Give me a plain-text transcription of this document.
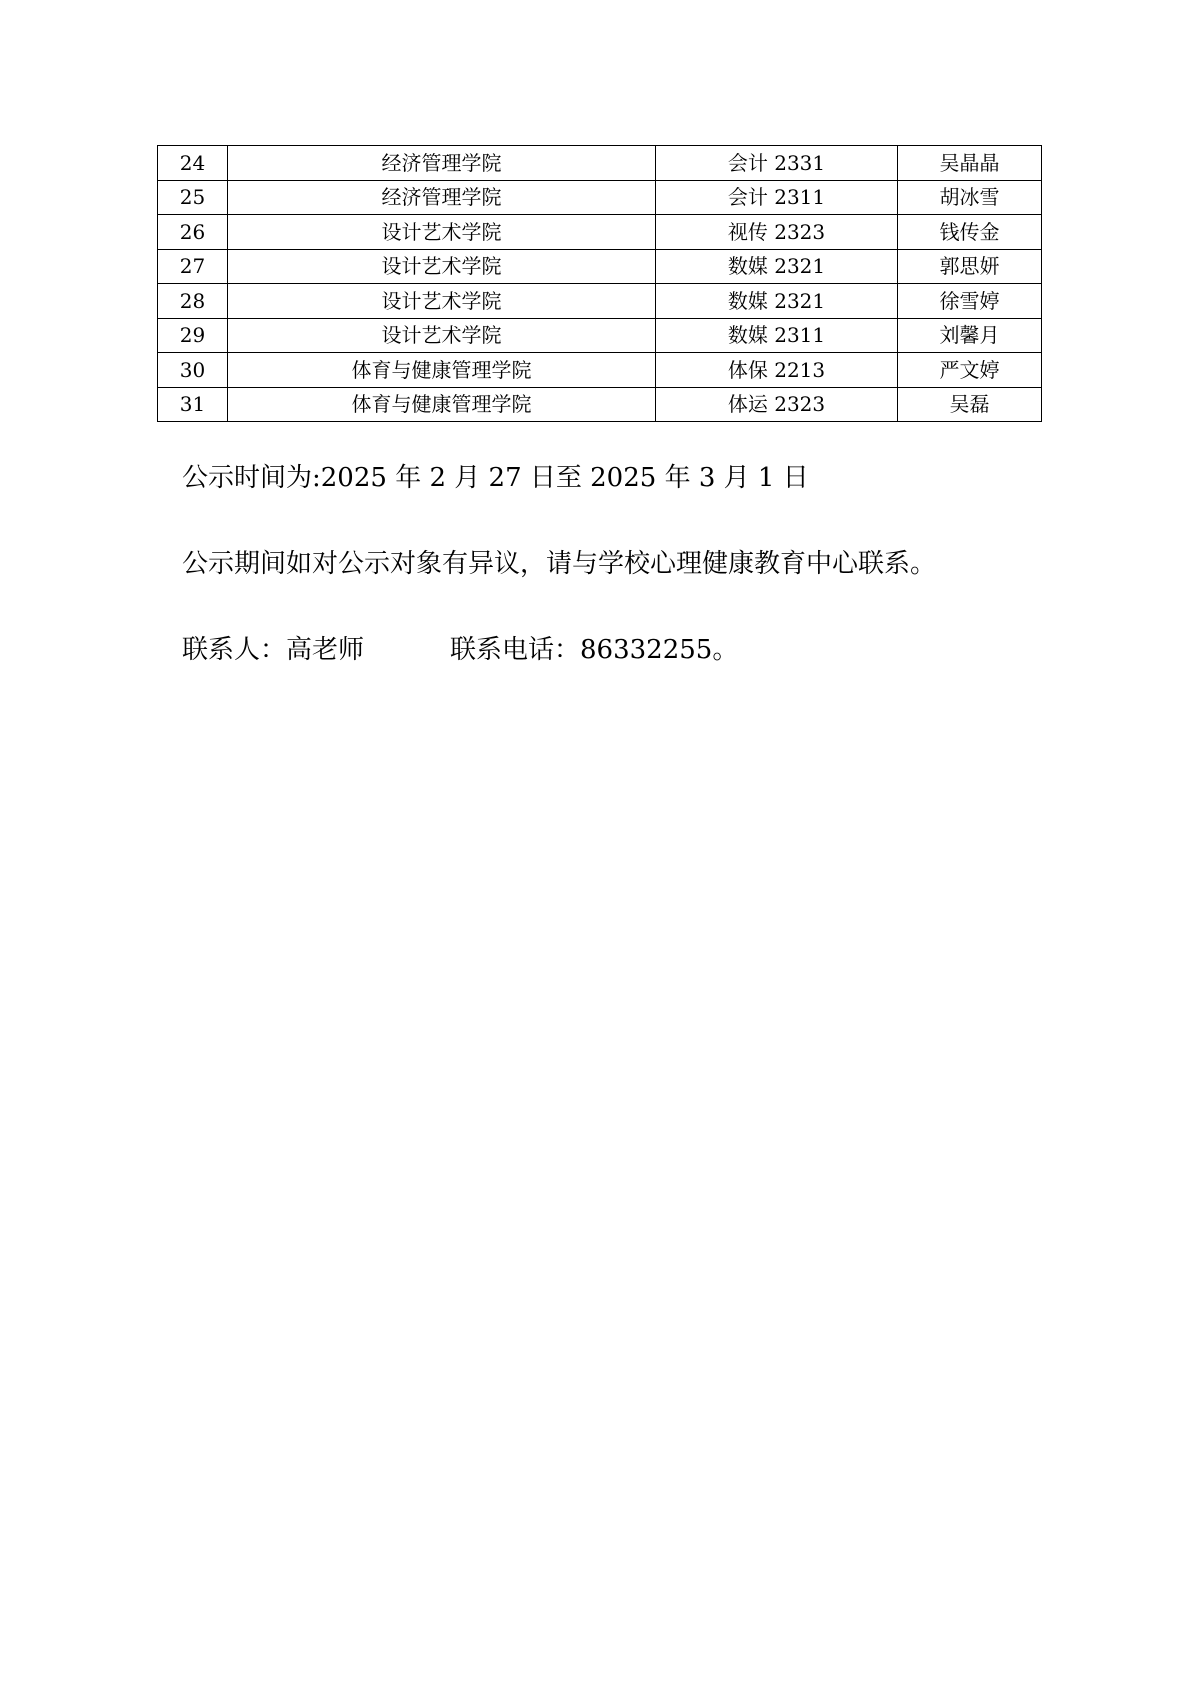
24	经济管理学院	会计 2331	吴晶晶
25	经济管理学院	会计 2311	胡冰雪
26	设计艺术学院	视传 2323	钱传金
27	设计艺术学院	数媒 2321	郭思妍
28	设计艺术学院	数媒 2321	徐雪婷
29	设计艺术学院	数媒 2311	刘馨月
30	体育与健康管理学院	体保 2213	严文婷
31	体育与健康管理学院	体运 2323	吴磊
公示时间为:2025 年 2 月 27 日至 2025 年 3 月 1 日
公示期间如对公示对象有异议，请与学校心理健康教育中心联系。
联系人：高老师	联系电话：86332255。
